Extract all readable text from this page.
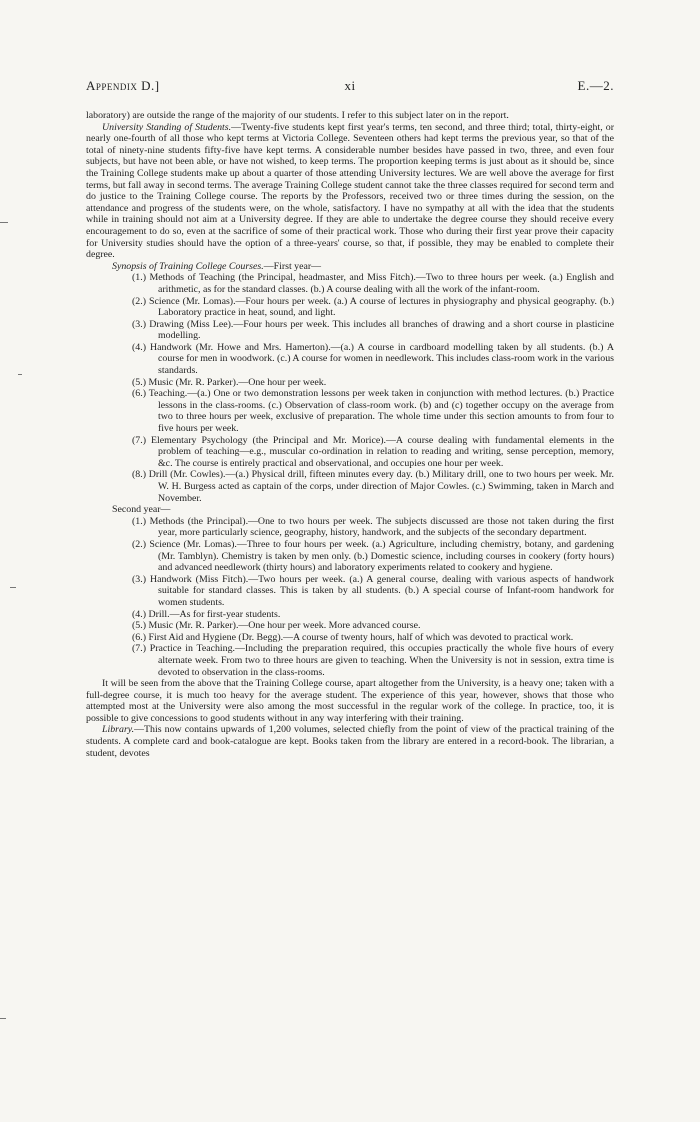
Appendix D.]	xi	E.—2.

laboratory) are outside the range of the majority of our students. I refer to this subject later on in the report.

University Standing of Students.—Twenty-five students kept first year's terms, ten second, and three third; total, thirty-eight, or nearly one-fourth of all those who kept terms at Victoria College. Seventeen others had kept terms the previous year, so that of the total of ninety-nine students fifty-five have kept terms. A considerable number besides have passed in two, three, and even four subjects, but have not been able, or have not wished, to keep terms. The proportion keeping terms is just about as it should be, since the Training College students make up about a quarter of those attending University lectures. We are well above the average for first terms, but fall away in second terms. The average Training College student cannot take the three classes required for second term and do justice to the Training College course. The reports by the Professors, received two or three times during the session, on the attendance and progress of the students were, on the whole, satisfactory. I have no sympathy at all with the idea that the students while in training should not aim at a University degree. If they are able to undertake the degree course they should receive every encouragement to do so, even at the sacrifice of some of their practical work. Those who during their first year prove their capacity for University studies should have the option of a three-years' course, so that, if possible, they may be enabled to complete their degree.

Synopsis of Training College Courses.—First year—

(1.) Methods of Teaching (the Principal, headmaster, and Miss Fitch).—Two to three hours per week. (a.) English and arithmetic, as for the standard classes. (b.) A course dealing with all the work of the infant-room.

(2.) Science (Mr. Lomas).—Four hours per week. (a.) A course of lectures in physiography and physical geography. (b.) Laboratory practice in heat, sound, and light.

(3.) Drawing (Miss Lee).—Four hours per week. This includes all branches of drawing and a short course in plasticine modelling.

(4.) Handwork (Mr. Howe and Mrs. Hamerton).—(a.) A course in cardboard modelling taken by all students. (b.) A course for men in woodwork. (c.) A course for women in needlework. This includes class-room work in the various standards.

(5.) Music (Mr. R. Parker).—One hour per week.

(6.) Teaching.—(a.) One or two demonstration lessons per week taken in conjunction with method lectures. (b.) Practice lessons in the class-rooms. (c.) Observation of class-room work. (b) and (c) together occupy on the average from two to three hours per week, exclusive of preparation. The whole time under this section amounts to from four to five hours per week.

(7.) Elementary Psychology (the Principal and Mr. Morice).—A course dealing with fundamental elements in the problem of teaching—e.g., muscular co-ordination in relation to reading and writing, sense perception, memory, &c. The course is entirely practical and observational, and occupies one hour per week.

(8.) Drill (Mr. Cowles).—(a.) Physical drill, fifteen minutes every day. (b.) Military drill, one to two hours per week. Mr. W. H. Burgess acted as captain of the corps, under direction of Major Cowles. (c.) Swimming, taken in March and November.

Second year—

(1.) Methods (the Principal).—One to two hours per week. The subjects discussed are those not taken during the first year, more particularly science, geography, history, handwork, and the subjects of the secondary department.

(2.) Science (Mr. Lomas).—Three to four hours per week. (a.) Agriculture, including chemistry, botany, and gardening (Mr. Tamblyn). Chemistry is taken by men only. (b.) Domestic science, including courses in cookery (forty hours) and advanced needlework (thirty hours) and laboratory experiments related to cookery and hygiene.

(3.) Handwork (Miss Fitch).—Two hours per week. (a.) A general course, dealing with various aspects of handwork suitable for standard classes. This is taken by all students. (b.) A special course of Infant-room handwork for women students.

(4.) Drill.—As for first-year students.

(5.) Music (Mr. R. Parker).—One hour per week. More advanced course.

(6.) First Aid and Hygiene (Dr. Begg).—A course of twenty hours, half of which was devoted to practical work.

(7.) Practice in Teaching.—Including the preparation required, this occupies practically the whole five hours of every alternate week. From two to three hours are given to teaching. When the University is not in session, extra time is devoted to observation in the class-rooms.

It will be seen from the above that the Training College course, apart altogether from the University, is a heavy one; taken with a full-degree course, it is much too heavy for the average student. The experience of this year, however, shows that those who attempted most at the University were also among the most successful in the regular work of the college. In practice, too, it is possible to give concessions to good students without in any way interfering with their training.

Library.—This now contains upwards of 1,200 volumes, selected chiefly from the point of view of the practical training of the students. A complete card and book-catalogue are kept. Books taken from the library are entered in a record-book. The librarian, a student, devotes
